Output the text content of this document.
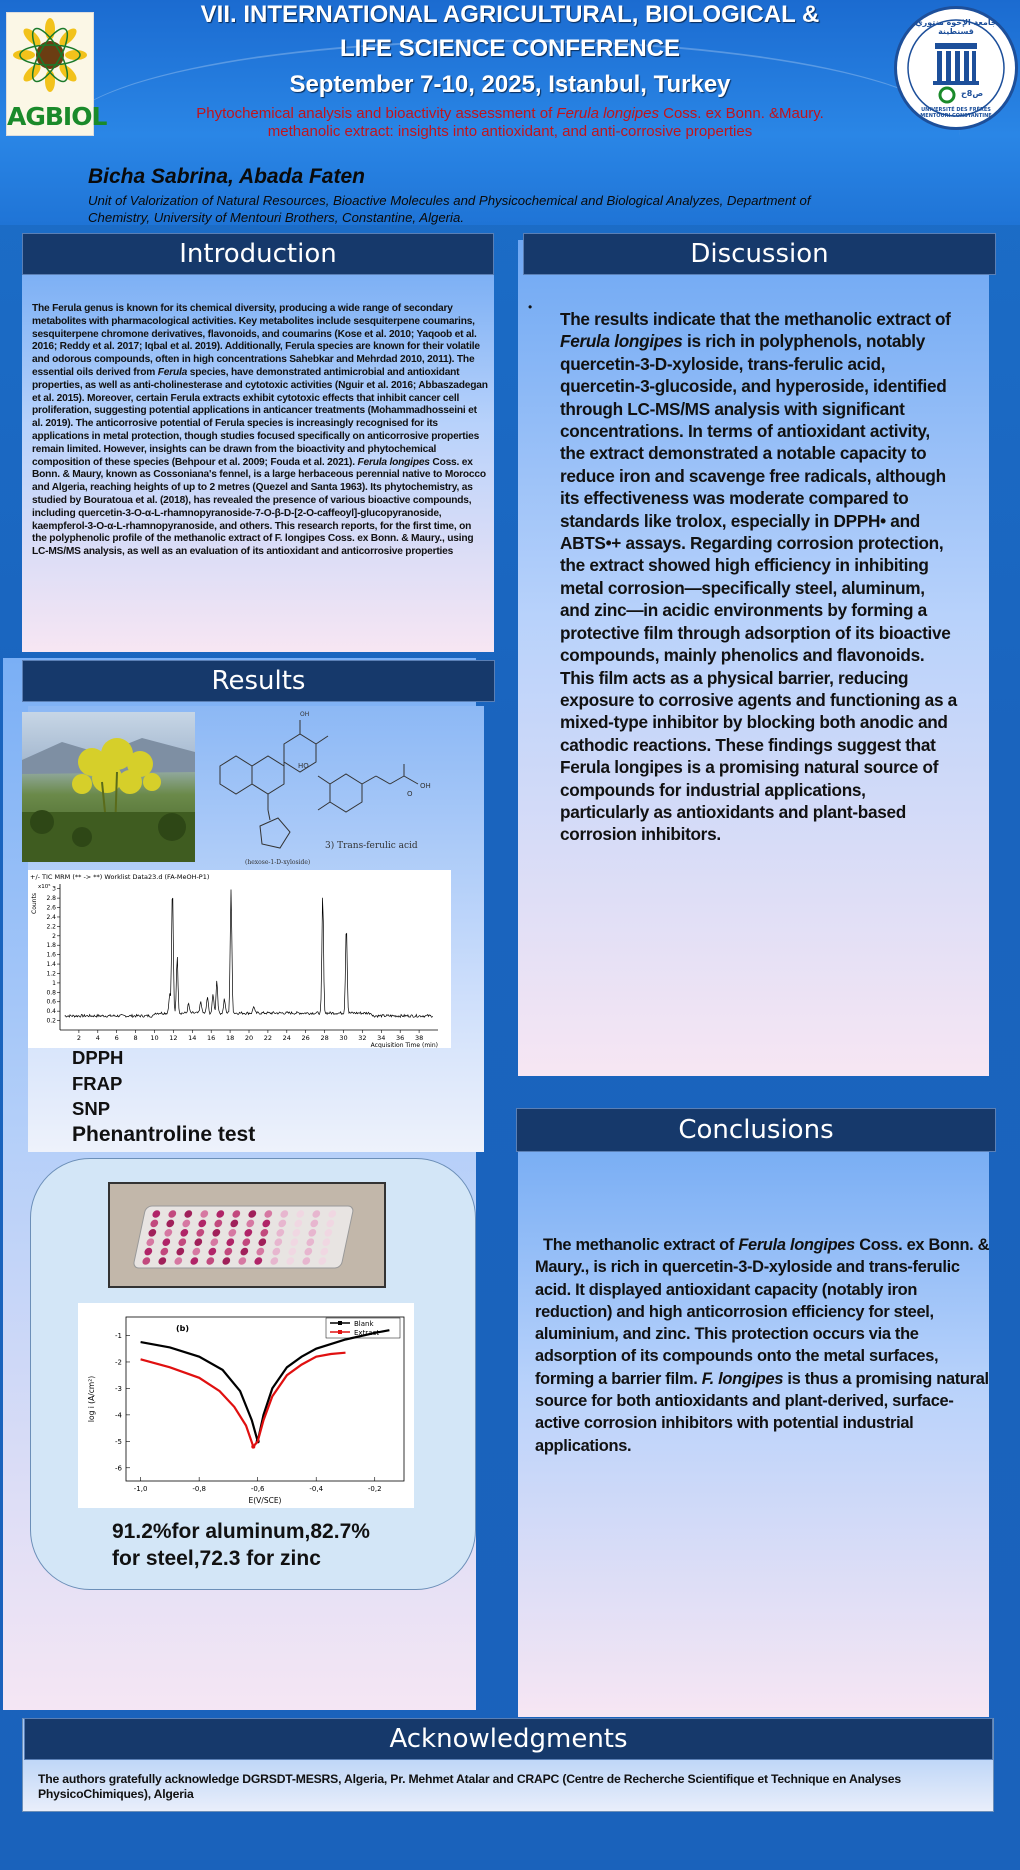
AGBIOL
جامعة الإخوة منتوري قسنطينة
ص8ح
UNIVERSITÉ DES FRÈRES MENTOURI CONSTANTINE
VII. INTERNATIONAL AGRICULTURAL, BIOLOGICAL &
LIFE SCIENCE CONFERENCE
September 7-10, 2025, Istanbul, Turkey
Phytochemical analysis and bioactivity assessment of Ferula longipes Coss. ex Bonn. &Maury.
methanolic extract: insights into antioxidant, and anti-corrosive properties
Bicha Sabrina, Abada Faten
Unit of Valorization of Natural Resources, Bioactive Molecules and Physicochemical and Biological Analyzes, Department of
Chemistry, University of Mentouri Brothers, Constantine, Algeria.
Introduction
The Ferula genus is known for its chemical diversity, producing a wide range of secondary metabolites with pharmacological activities. Key metabolites include sesquiterpene coumarins, sesquiterpene chromone derivatives, flavonoids, and coumarins (Kose et al. 2010; Yaqoob et al. 2016; Reddy et al. 2017; Iqbal et al. 2019). Additionally, Ferula species are known for their volatile and odorous compounds, often in high concentrations Sahebkar and Mehrdad 2010, 2011). The essential oils derived from Ferula species, have demonstrated antimicrobial and antioxidant properties, as well as anti-cholinesterase and cytotoxic activities (Nguir et al. 2016; Abbaszadegan et al. 2015). Moreover, certain Ferula extracts exhibit cytotoxic effects that inhibit cancer cell proliferation, suggesting potential applications in anticancer treatments (Mohammadhosseini et al. 2019). The anticorrosive potential of Ferula species is increasingly recognised for its applications in metal protection, though studies focused specifically on anticorrosive properties remain limited. However, insights can be drawn from the bioactivity and phytochemical composition of these species (Behpour et al. 2009; Fouda et al. 2021). Ferula longipes Coss. ex Bonn. & Maury, known as Cossoniana's fennel, is a large herbaceous perennial native to Morocco and Algeria, reaching heights of up to 2 metres (Quezel and Santa 1963). Its phytochemistry, as studied by Bouratoua et al. (2018), has revealed the presence of various bioactive compounds, including quercetin-3-O-α-L-rhamnopyranoside-7-O-β-D-[2-O-caffeoyl]-glucopyranoside, kaempferol-3-O-α-L-rhamnopyranoside, and others. This research reports, for the first time, on the polyphenolic profile of the methanolic extract of F. longipes Coss. ex Bonn. & Maury., using LC-MS/MS analysis, as well as an evaluation of its antioxidant and anticorrosive properties
Results
OH
HO
OH
O
(hexose-1-D-xyloside)
3) Trans-ferulic acid
+/- TIC MRM (** -> **) Worklist Data23.d (FA-MeOH-P1)
Counts
x10⁵
0.2
0.4
0.6
0.8
1
1.2
1.4
1.6
1.8
2
2.2
2.4
2.6
2.8
3
2 4 6 8 10 12 14 16 18 20 22 24 26 28 30 32 34 36 38
Acquisition Time (min)
DPPH
FRAP
SNP
Phenantroline test
(b)
-1,0	-0,8	-0,6	-0,4	-0,2
-1
-2
-3
-4
-5
-6
E(V/SCE)
log i (A/cm²)
Blank
Extract
91.2%for aluminum,82.7%
for steel,72.3 for zinc
Discussion
•
The results indicate that the methanolic extract of Ferula longipes is rich in polyphenols, notably quercetin-3-D-xyloside, trans-ferulic acid, quercetin-3-glucoside, and hyperoside, identified through LC-MS/MS analysis with significant concentrations. In terms of antioxidant activity, the extract demonstrated a notable capacity to reduce iron and scavenge free radicals, although its effectiveness was moderate compared to standards like trolox, especially in DPPH• and ABTS•+ assays. Regarding corrosion protection, the extract showed high efficiency in inhibiting metal corrosion—specifically steel, aluminum, and zinc—in acidic environments by forming a protective film through adsorption of its bioactive compounds, mainly phenolics and flavonoids. This film acts as a physical barrier, reducing exposure to corrosive agents and functioning as a mixed-type inhibitor by blocking both anodic and cathodic reactions. These findings suggest that Ferula longipes is a promising natural source of compounds for industrial applications, particularly as antioxidants and plant-based corrosion inhibitors.
Conclusions
The methanolic extract of Ferula longipes Coss. ex Bonn. & Maury., is rich in quercetin-3-D-xyloside and trans-ferulic acid. It displayed antioxidant capacity (notably iron reduction) and high anticorrosion efficiency for steel, aluminium, and zinc. This protection occurs via the adsorption of its compounds onto the metal surfaces, forming a barrier film. F. longipes is thus a promising natural source for both antioxidants and plant-derived, surface-active corrosion inhibitors with potential industrial applications.
Acknowledgments
The authors gratefully acknowledge DGRSDT-MESRS, Algeria, Pr. Mehmet Atalar and CRAPC (Centre de Recherche Scientifique et Technique en Analyses PhysicoChimiques), Algeria
